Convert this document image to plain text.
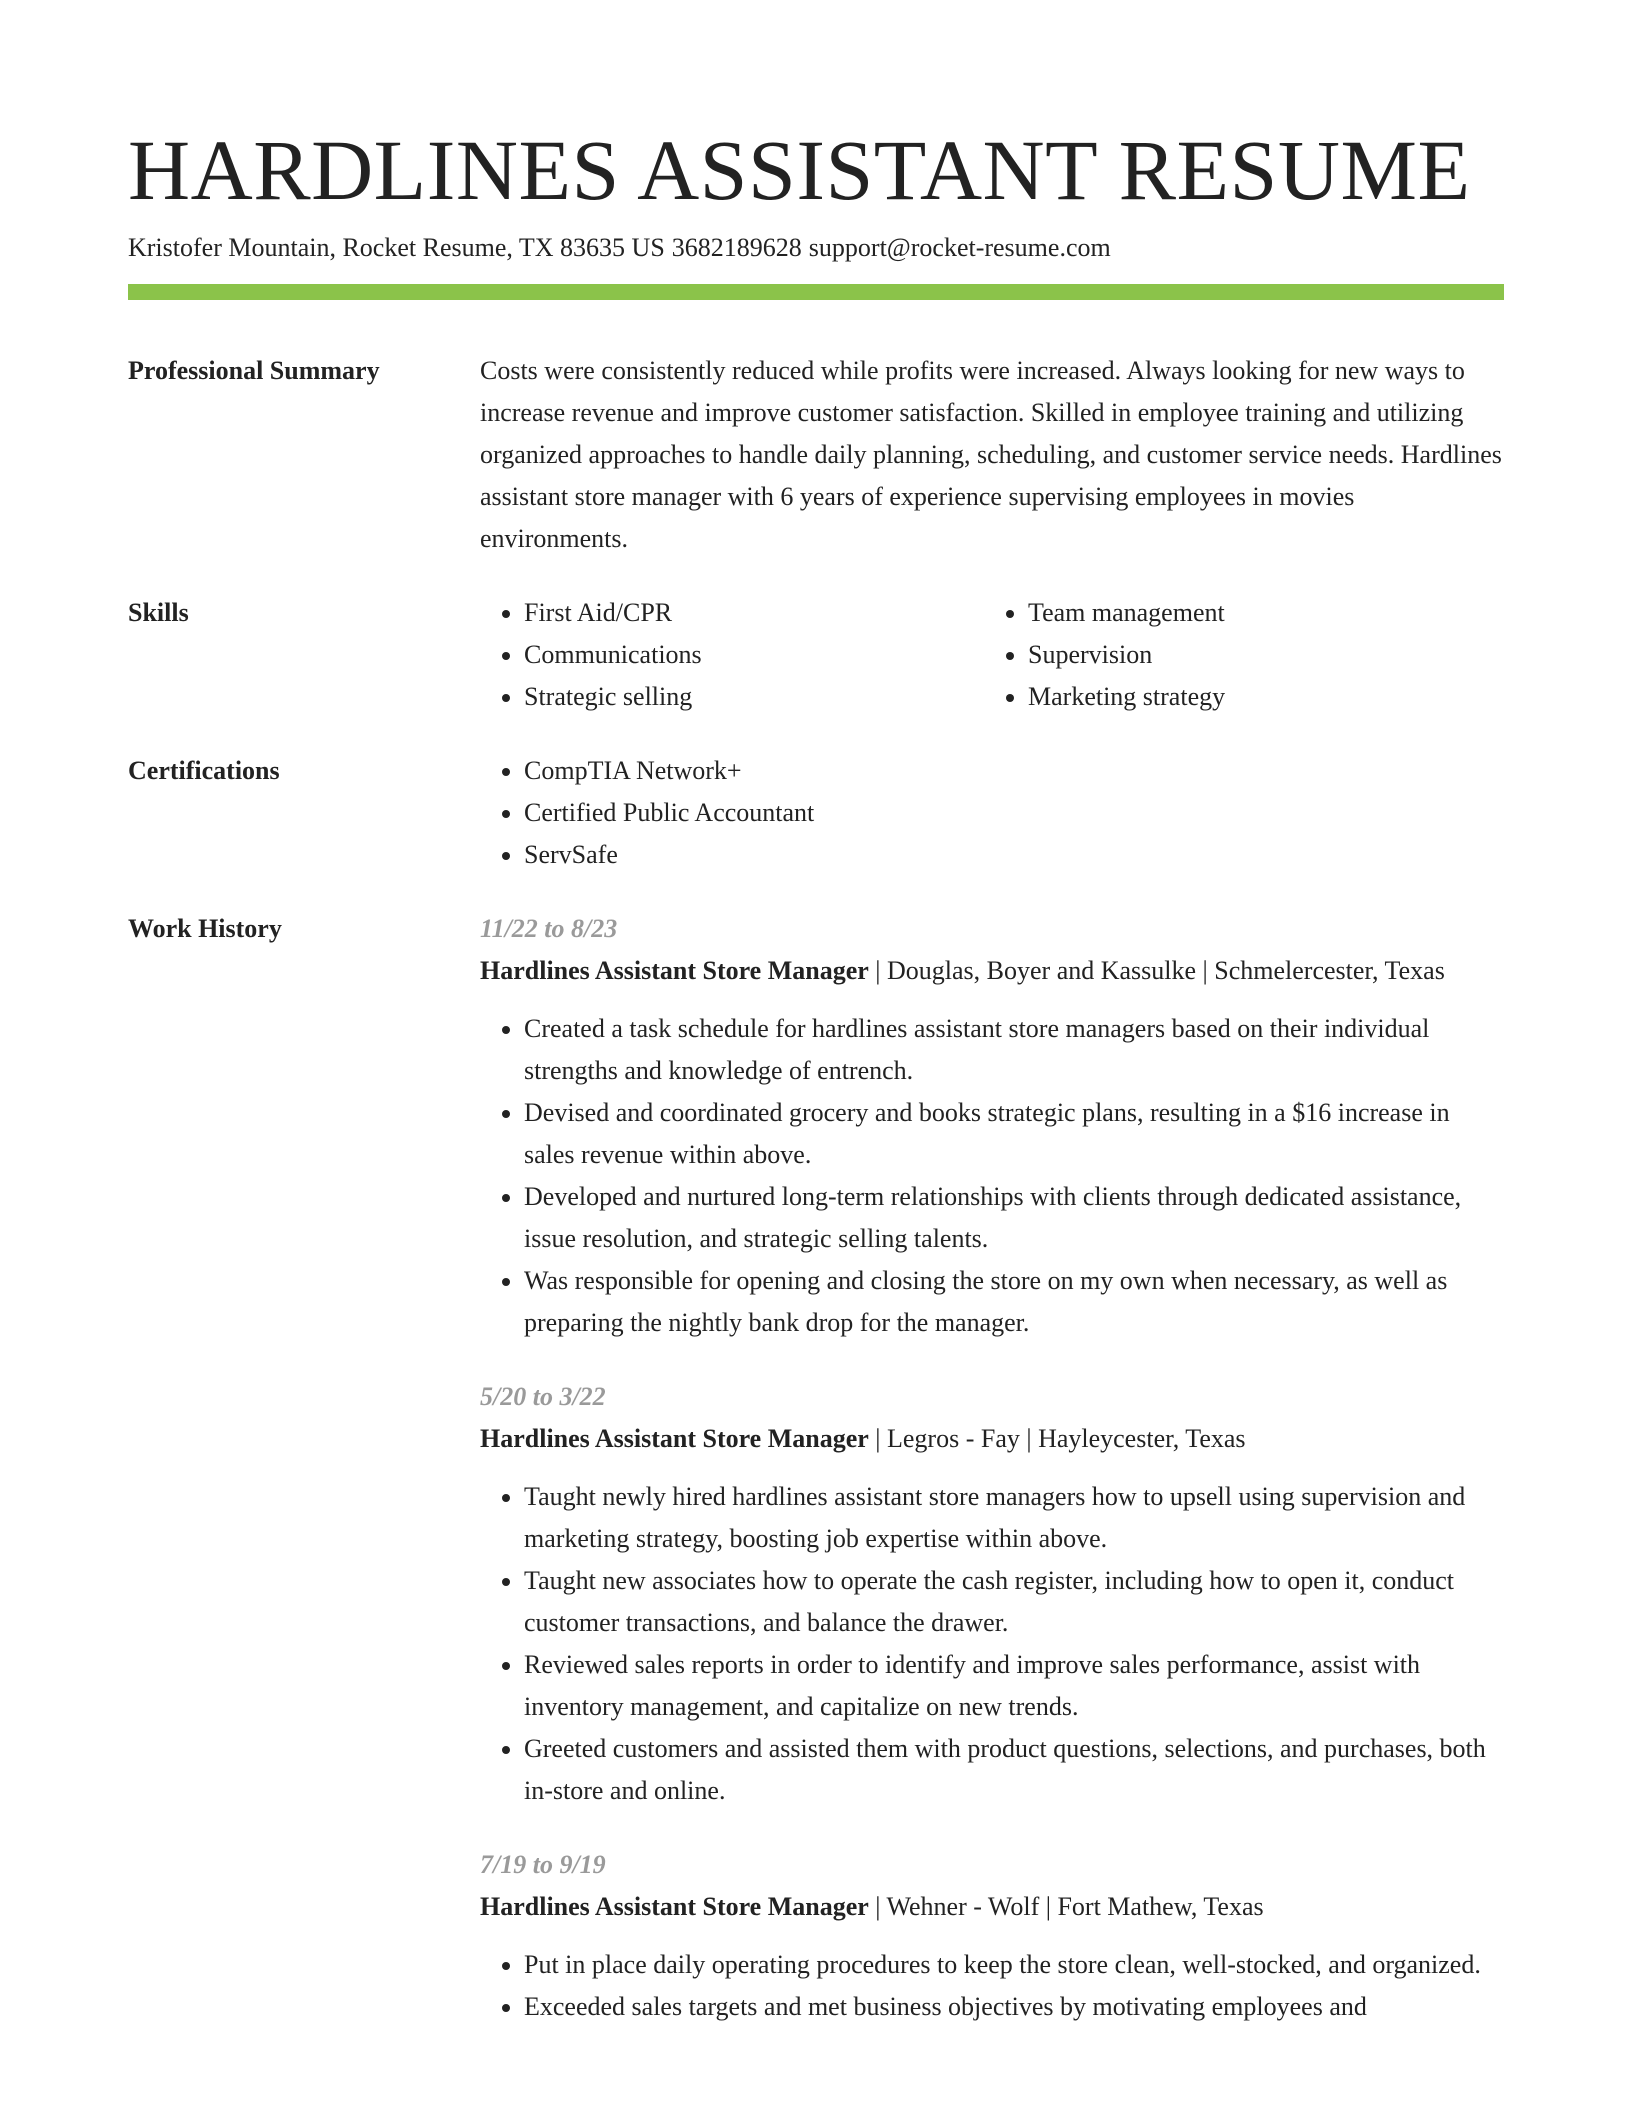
HARDLINES ASSISTANT RESUME
Kristofer Mountain, Rocket Resume, TX 83635 US 3682189628 support@rocket-resume.com
Professional Summary	Costs were consistently reduced while profits were increased. Always looking for new ways to increase revenue and improve customer satisfaction. Skilled in employee training and utilizing organized approaches to handle daily planning, scheduling, and customer service needs. Hardlines assistant store manager with 6 years of experience supervising employees in movies environments.
Skills	• First Aid/CPR
• Communications
• Strategic selling
• Team management
• Supervision
• Marketing strategy
Certifications	• CompTIA Network+
• Certified Public Accountant
• ServSafe
Work History	11/22 to 8/23
Hardlines Assistant Store Manager | Douglas, Boyer and Kassulke | Schmelercester, Texas
• Created a task schedule for hardlines assistant store managers based on their individual strengths and knowledge of entrench.
• Devised and coordinated grocery and books strategic plans, resulting in a $16 increase in sales revenue within above.
• Developed and nurtured long-term relationships with clients through dedicated assistance, issue resolution, and strategic selling talents.
• Was responsible for opening and closing the store on my own when necessary, as well as preparing the nightly bank drop for the manager.
5/20 to 3/22
Hardlines Assistant Store Manager | Legros - Fay | Hayleycester, Texas
• Taught newly hired hardlines assistant store managers how to upsell using supervision and marketing strategy, boosting job expertise within above.
• Taught new associates how to operate the cash register, including how to open it, conduct customer transactions, and balance the drawer.
• Reviewed sales reports in order to identify and improve sales performance, assist with inventory management, and capitalize on new trends.
• Greeted customers and assisted them with product questions, selections, and purchases, both in-store and online.
7/19 to 9/19
Hardlines Assistant Store Manager | Wehner - Wolf | Fort Mathew, Texas
• Put in place daily operating procedures to keep the store clean, well-stocked, and organized.
• Exceeded sales targets and met business objectives by motivating employees and
